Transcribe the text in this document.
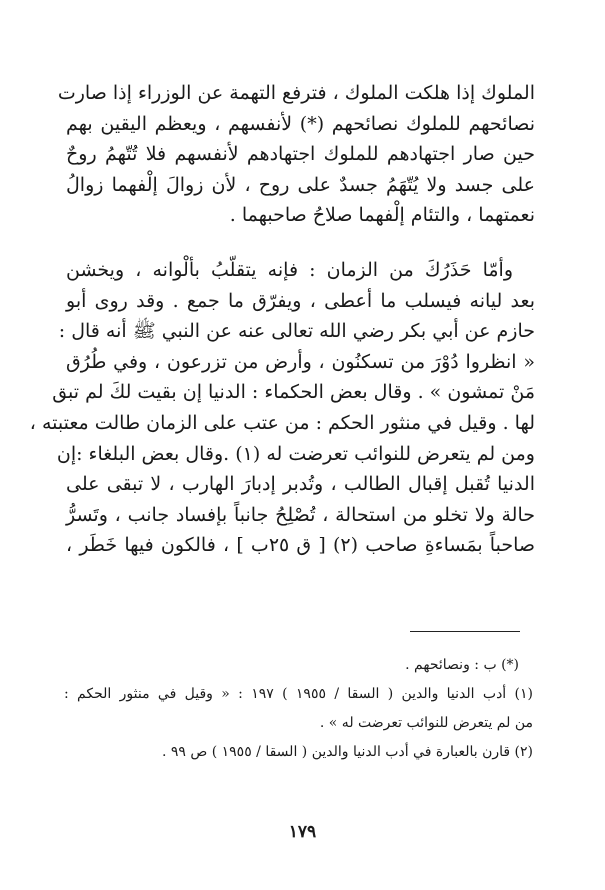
الملوك إذا هلكت الملوك ، فترفع التهمة عن الوزراء إذا صارت
نصائحهم للملوك نصائحهم (*) لأنفسهم ، ويعظم اليقين بهم
حين صار اجتهادهم للملوك اجتهادهم لأنفسهم فلا تُتّهمُ روحٌ
على جسد ولا يُتّهَمُ جسدٌ على روح ، لأن زوالَ إلْفهما زوالُ
نعمتهما ، والتئام إلْفهما صلاحُ صاحبهما .
وأمّا حَذَرُكَ من الزمان : فإنه يتقلّبُ بألْوانه ، ويخشن
بعد ليانه فيسلب ما أعطى ، ويفرّق ما جمع . وقد روى أبو
حازم عن أبي بكر رضي الله تعالى عنه عن النبي ﷺ أنه قال :
« انظروا دُوْرَ من تسكنُون ، وأرض من تزرعون ، وفي طُرُق
مَنْ تمشون » . وقال بعض الحكماء : الدنيا إن بقيت لكَ لم تبق
لها . وقيل في منثور الحكم : من عتب على الزمان طالت معتبته ،
ومن لم يتعرض للنوائب تعرضت له (١) .وقال بعض البلغاء :إن
الدنيا تُقبل إقبال الطالب ، وتُدبر إدبارَ الهارب ، لا تبقى على
حالة ولا تخلو من استحالة ، تُصْلِحُ جانباً بإفساد جانب ، وتَسرُّ
صاحباً بمَساءةِ صاحب (٢) [ ق ٢٥ب ] ، فالكون فيها خَطَر ،
(*) ب : ونصائحهم .
(١) أدب الدنيا والدين ( السقا / ١٩٥٥ ) ١٩٧ : « وقيل في منثور الحكم :
من لم يتعرض للنوائب تعرضت له » .
(٢) قارن بالعبارة في أدب الدنيا والدين ( السقا / ١٩٥٥ ) ص ٩٩ .
١٧٩
